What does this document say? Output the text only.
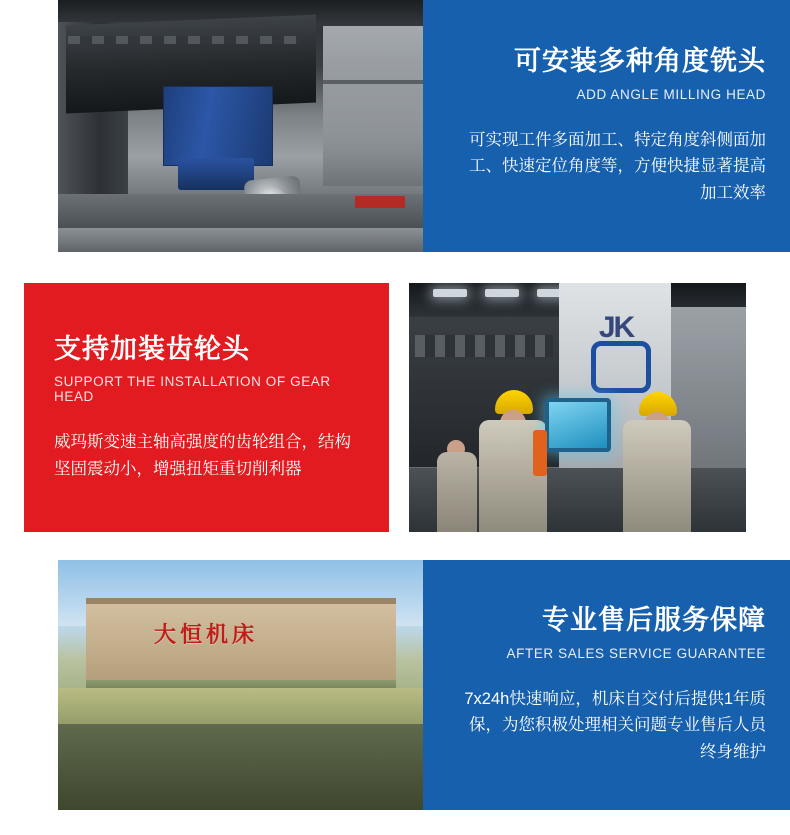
可安装多种角度铣头
ADD ANGLE MILLING HEAD
可实现工件多面加工、特定角度斜侧面加工、快速定位角度等，方便快捷显著提高加工效率
支持加装齿轮头
SUPPORT THE INSTALLATION OF GEAR HEAD
威玛斯变速主轴高强度的齿轮组合，结构坚固震动小，增强扭矩重切削利器
JK
大恒机床	专业售后服务保障
AFTER SALES SERVICE GUARANTEE
7x24h快速响应，机床自交付后提供1年质保，为您积极处理相关问题专业售后人员终身维护
